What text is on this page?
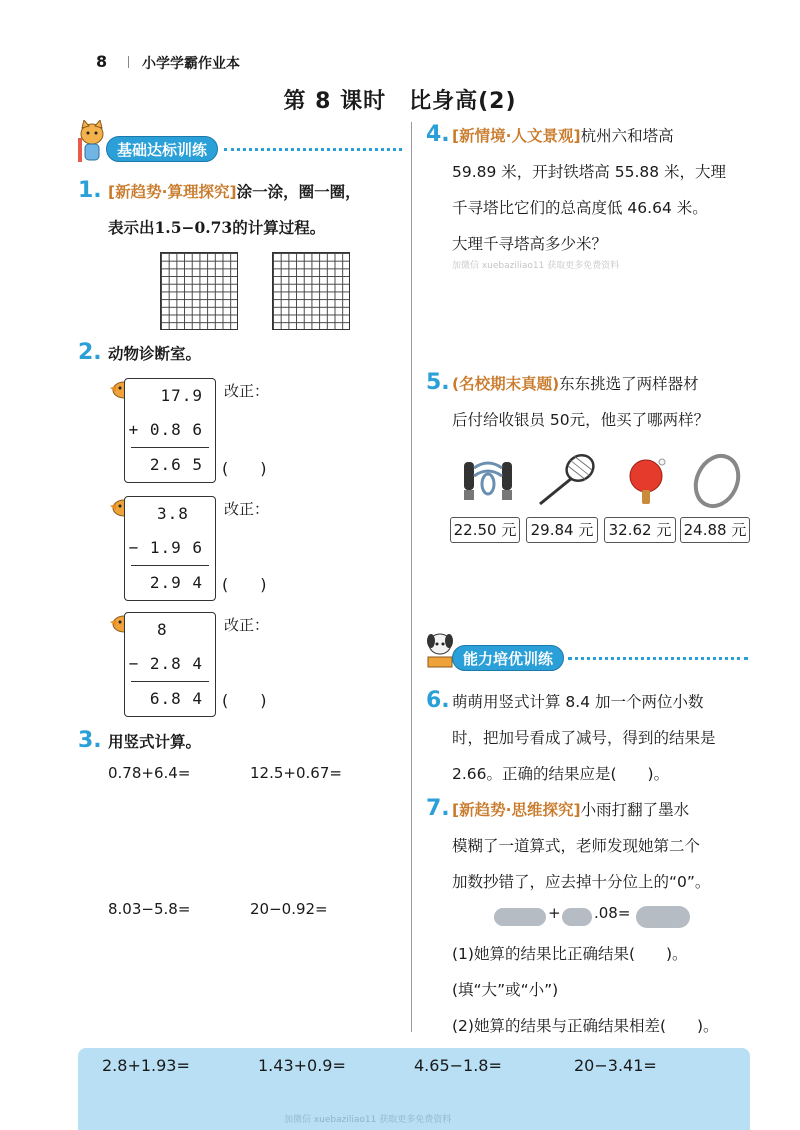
8 小学学霸作业本
第 8 课时　比身高(2)
基础达标训练
1. [新趋势·算理探究]涂一涂，圈一圈，
表示出1.5−0.73的计算过程。
2. 动物诊断室。
17.9
+ 0.8 6
2.6 5
改正：
(　　)
3.8
− 1.9 6
2.9 4
改正：
(　　)
8
− 2.8 4
6.8 4
改正：
(　　)
3. 用竖式计算。
0.78+6.4=	12.5+0.67=
8.03−5.8=	20−0.92=
4. [新情境·人文景观]杭州六和塔高
59.89 米，开封铁塔高 55.88 米，大理
千寻塔比它们的总高度低 46.64 米。
大理千寻塔高多少米？
加微信 xuebaziliao11 获取更多免费资料
5. (名校期末真题)东东挑选了两样器材
后付给收银员 50元，他买了哪两样？
22.50 元 29.84 元	32.62 元 24.88 元
能力培优训练
6. 萌萌用竖式计算 8.4 加一个两位小数
时，把加号看成了减号，得到的结果是
2.66。正确的结果应是(　　)。
7. [新趋势·思维探究]小雨打翻了墨水
模糊了一道算式，老师发现她第二个
加数抄错了，应去掉十分位上的“0”。
+ .08=
(1)她算的结果比正确结果(　　)。
(填“大”或“小”)
(2)她算的结果与正确结果相差(　　)。
2.8+1.93=	1.43+0.9=	4.65−1.8=	20−3.41=
加微信 xuebaziliao11 获取更多免费资料
